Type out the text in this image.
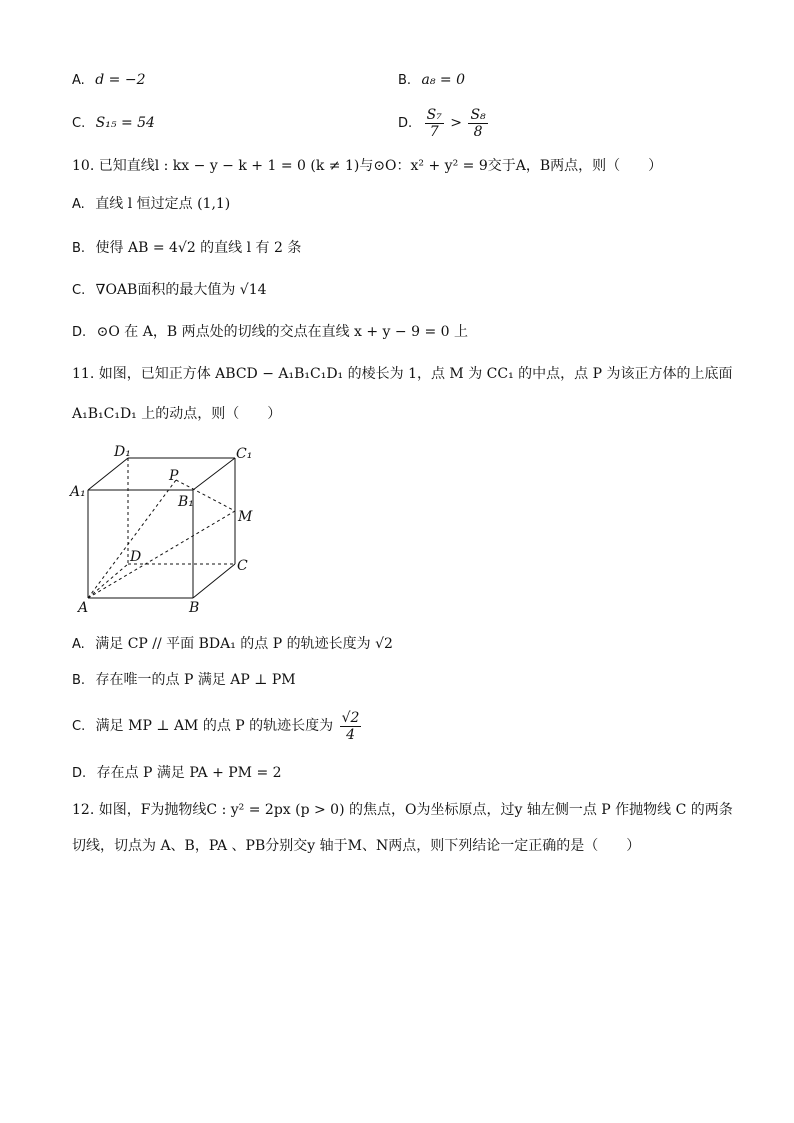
A. d = −2	B. a₈ = 0
C. S₁₅ = 54	D. $\frac{\text{S₇}}{7} > \frac{\text{S₈}}{8}$
10. 已知直线l : kx − y − k + 1 = 0 (k ≠ 1)与⊙O：x² + y² = 9交于A，B两点，则（　　）
A. 直线 l 恒过定点 (1,1)
B. 使得 AB = 4√2 的直线 l 有 2 条
C. ∇OAB面积的最大值为 √14
D. ⊙O 在 A，B 两点处的切线的交点在直线 x + y − 9 = 0 上
11. 如图，已知正方体 ABCD − A₁B₁C₁D₁ 的棱长为 1，点 M 为 CC₁ 的中点，点 P 为该正方体的上底面
A₁B₁C₁D₁ 上的动点，则（　　）
D₁	C₁
A₁
B₁
P
M
D
C
A	B
A. 满足 CP // 平面 BDA₁ 的点 P 的轨迹长度为 √2
B. 存在唯一的点 P 满足 AP ⊥ PM
C. 满足 MP ⊥ AM 的点 P 的轨迹长度为 $\frac{√2}{4}$
D. 存在点 P 满足 PA + PM = 2
12. 如图，F为抛物线C : y² = 2px (p > 0) 的焦点，O为坐标原点，过y 轴左侧一点 P 作抛物线 C 的两条
切线，切点为 A、B，PA 、PB分别交y 轴于M、N两点，则下列结论一定正确的是（　　）
